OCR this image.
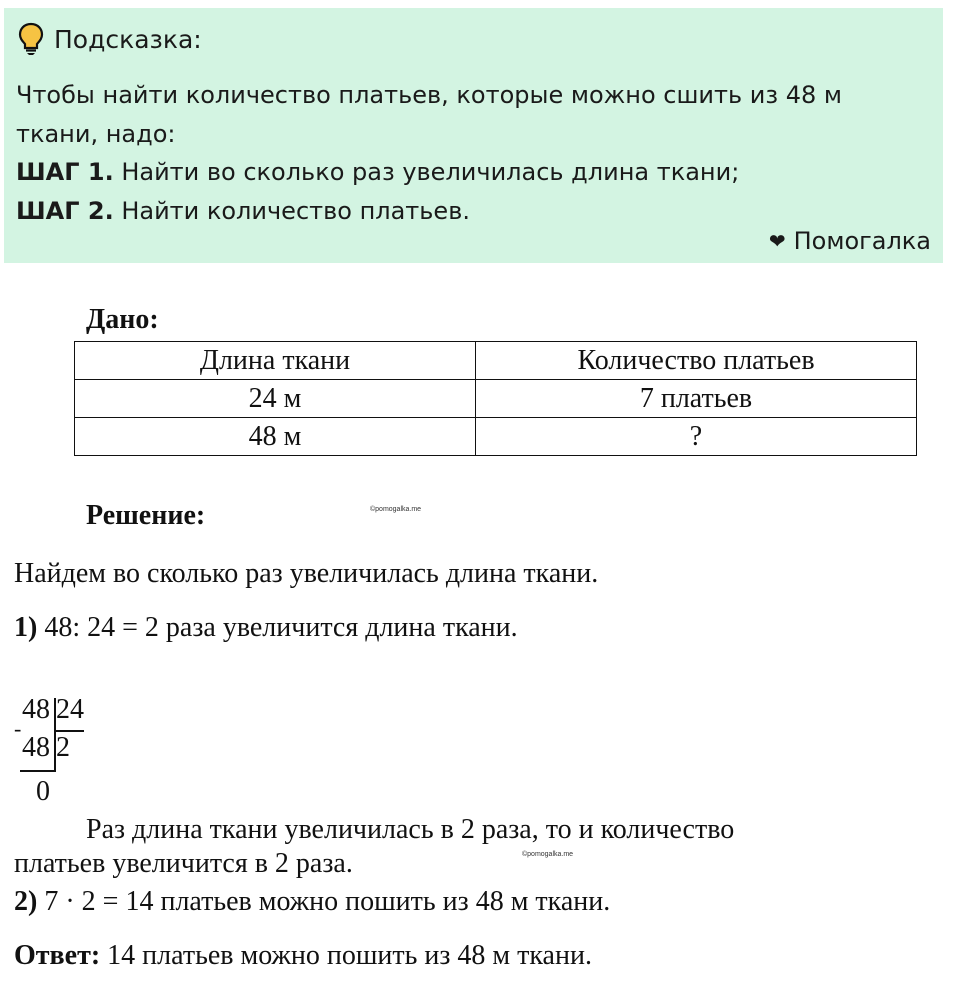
Подсказка:
Чтобы найти количество платьев, которые можно сшить из 48 м
ткани, надо:
ШАГ 1. Найти во сколько раз увеличилась длина ткани;
ШАГ 2. Найти количество платьев.
❤ Помогалка
Дано:
Длина ткани	Количество платьев
24 м	7 платьев
48 м	?
Решение:	©pomogalka.me
Найдем во сколько раз увеличилась длина ткани.
1) 48: 24 = 2 раза увеличится длина ткани.
48 24
-
48 2
0
Раз длина ткани увеличилась в 2 раза, то и количество
платьев увеличится в 2 раза.	©pomogalka.me
2) 7 · 2 = 14 платьев можно пошить из 48 м ткани.
Ответ: 14 платьев можно пошить из 48 м ткани.
